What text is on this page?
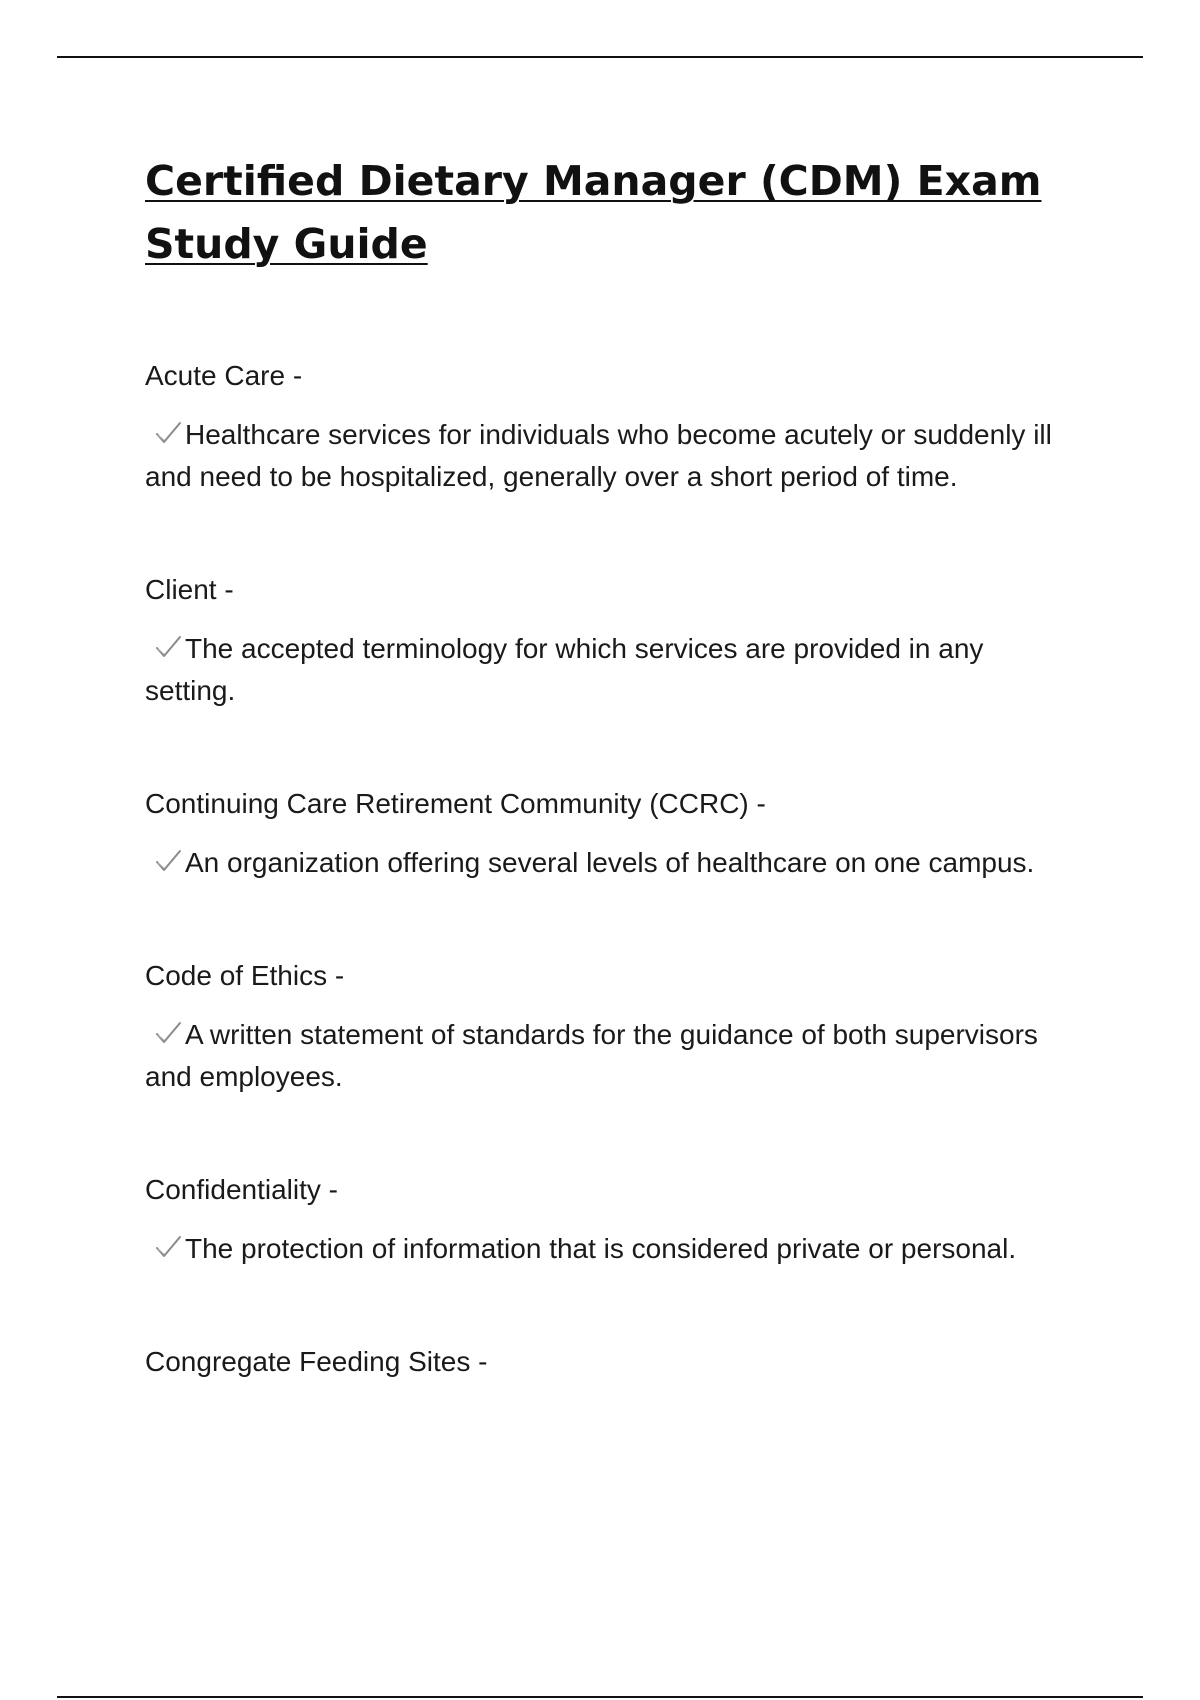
Certified Dietary Manager (CDM) Exam Study Guide

Acute Care -

Healthcare services for individuals who become acutely or suddenly ill and need to be hospitalized, generally over a short period of time.

Client -

The accepted terminology for which services are provided in any setting.

Continuing Care Retirement Community (CCRC) -

An organization offering several levels of healthcare on one campus.

Code of Ethics -

A written statement of standards for the guidance of both supervisors and employees.

Confidentiality -

The protection of information that is considered private or personal.

Congregate Feeding Sites -
